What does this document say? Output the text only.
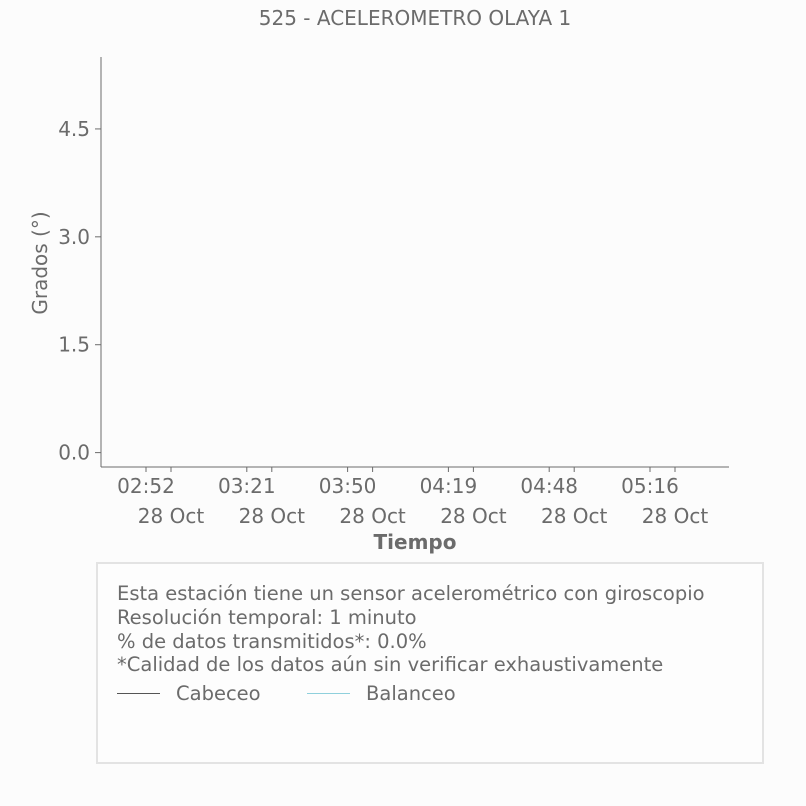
525 - ACELEROMETRO OLAYA 1
0.0
1.5
3.0
4.5
02:52
28 Oct
03:21
28 Oct
03:50
28 Oct
04:19
28 Oct
04:48
28 Oct
05:16
28 Oct
Grados (°)
Tiempo
Esta estación tiene un sensor acelerométrico con giroscopio
Resolución temporal: 1 minuto
% de datos transmitidos*: 0.0%
*Calidad de los datos aún sin verificar exhaustivamente
Cabeceo	Balanceo
